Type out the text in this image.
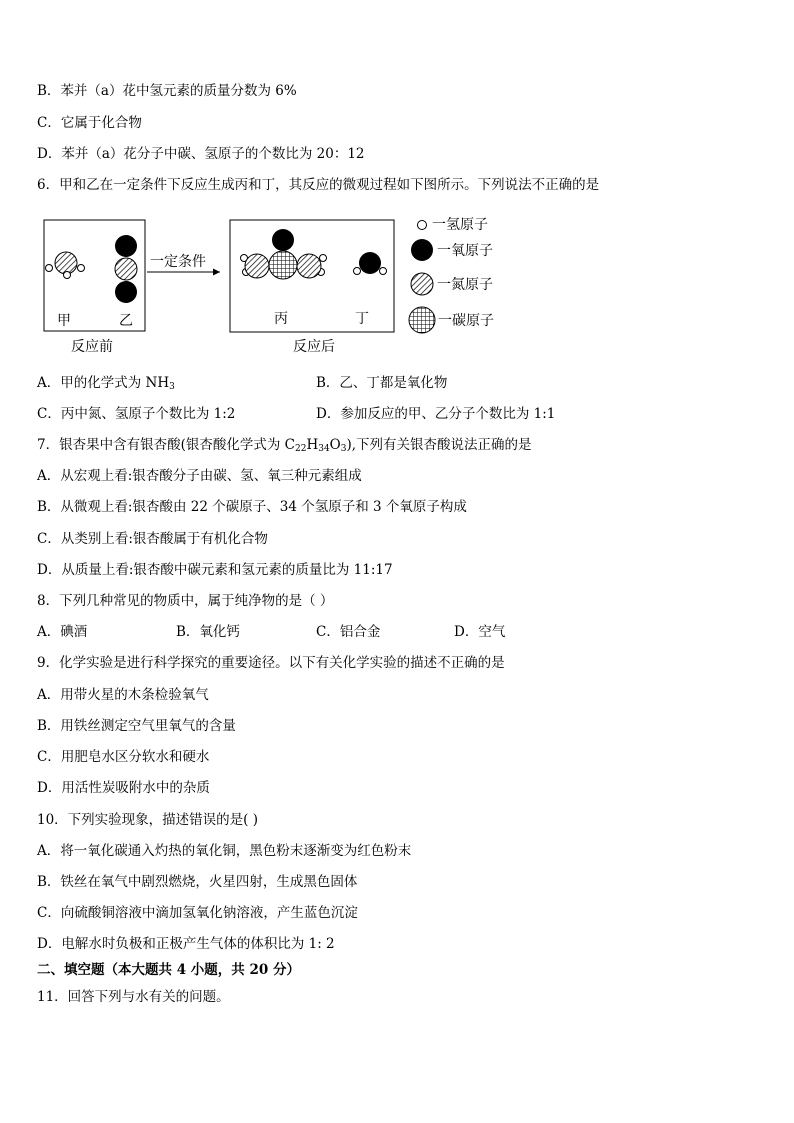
B．苯并（a）花中氢元素的质量分数为 6%
C．它属于化合物
D．苯并（a）花分子中碳、氢原子的个数比为 20：12
6．甲和乙在一定条件下反应生成丙和丁，其反应的微观过程如下图所示。下列说法不正确的是
甲	乙
一定条件
丙	丁
反应前	反应后
一氢原子
一氧原子
一氮原子
一碳原子
A．甲的化学式为 $NH_3$	B．乙、丁都是氧化物
C．丙中氮、氢原子个数比为 1:2	D．参加反应的甲、乙分子个数比为 1:1
7．银杏果中含有银杏酸(银杏酸化学式为 $C_{22}H_{34}O_3$),下列有关银杏酸说法正确的是
A．从宏观上看:银杏酸分子由碳、氢、氧三种元素组成
B．从微观上看:银杏酸由 22 个碳原子、34 个氢原子和 3 个氧原子构成
C．从类别上看:银杏酸属于有机化合物
D．从质量上看:银杏酸中碳元素和氢元素的质量比为 11:17
8．下列几种常见的物质中，属于纯净物的是（ ）
A．碘酒	B．氧化钙	C．铝合金	D．空气
9．化学实验是进行科学探究的重要途径。以下有关化学实验的描述不正确的是
A．用带火星的木条检验氧气
B．用铁丝测定空气里氧气的含量
C．用肥皂水区分软水和硬水
D．用活性炭吸附水中的杂质
10．下列实验现象，描述错误的是( )
A．将一氧化碳通入灼热的氧化铜，黑色粉末逐渐变为红色粉末
B．铁丝在氧气中剧烈燃烧，火星四射，生成黑色固体
C．向硫酸铜溶液中滴加氢氧化钠溶液，产生蓝色沉淀
D．电解水时负极和正极产生气体的体积比为 1: 2
二、填空题（本大题共 4 小题，共 20 分）
11．回答下列与水有关的问题。
